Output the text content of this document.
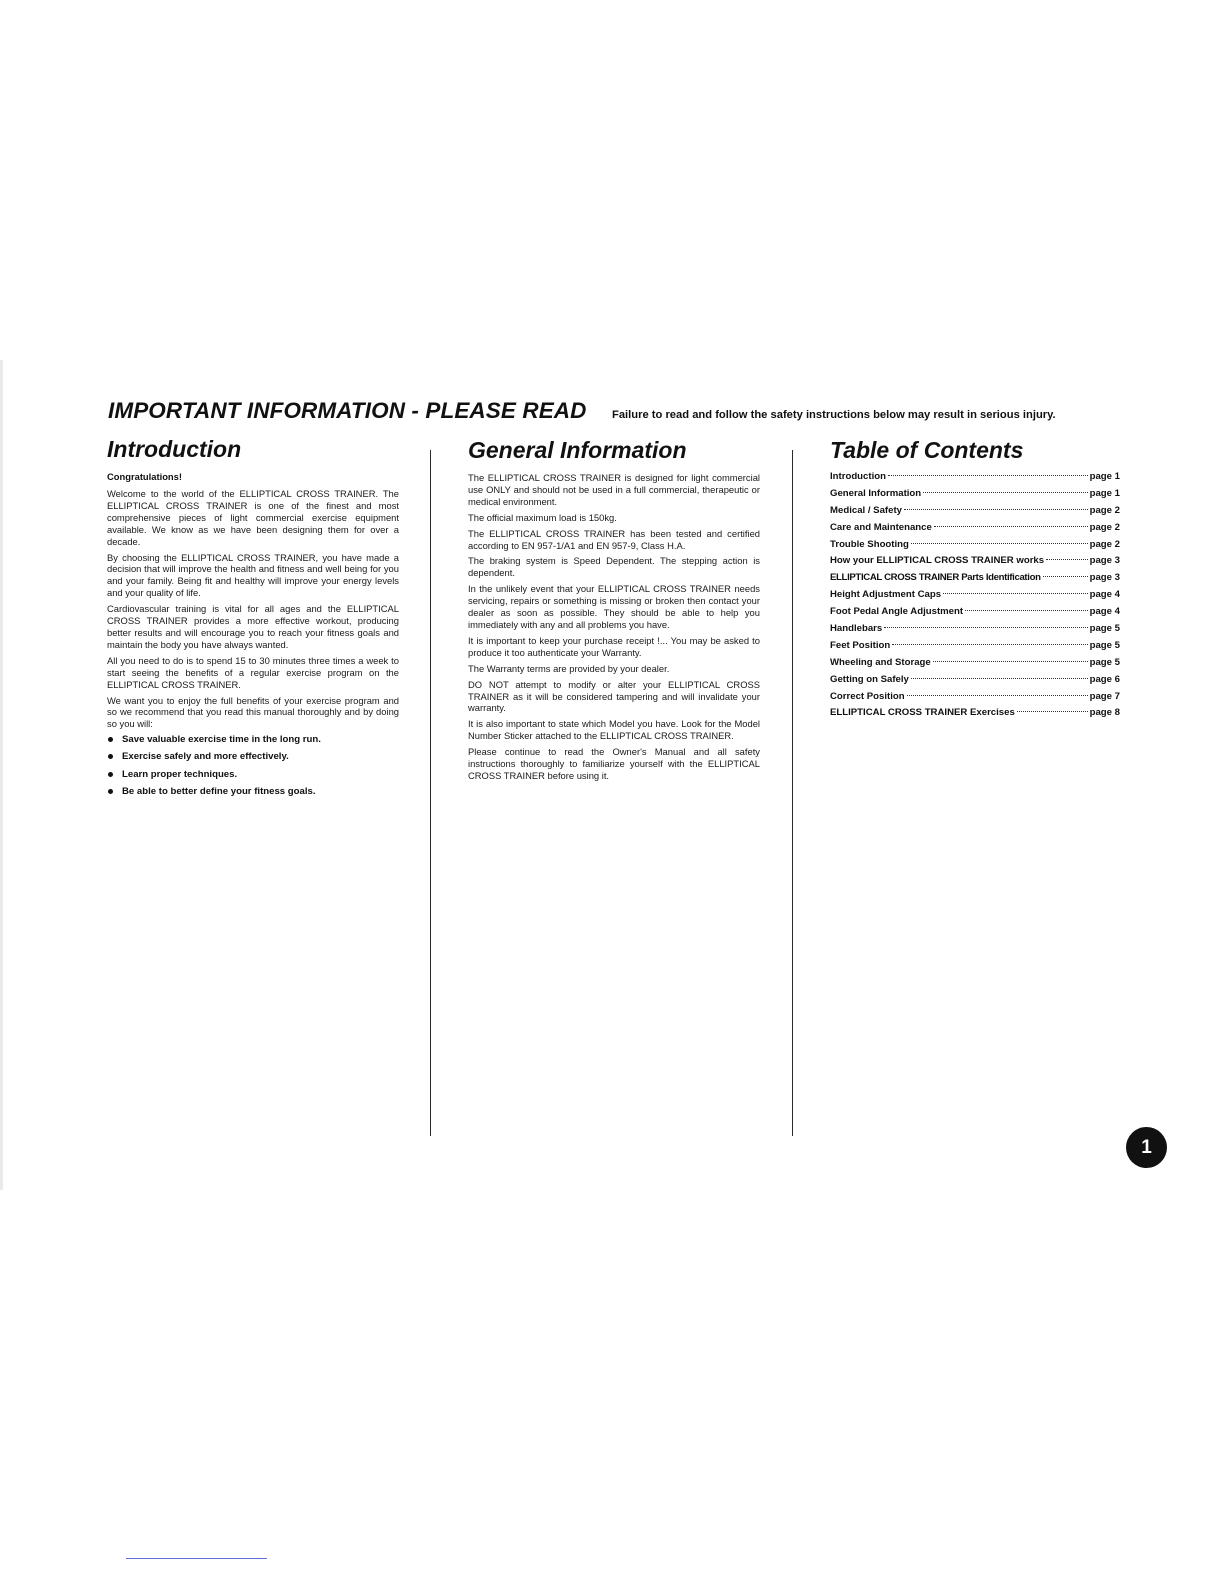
IMPORTANT INFORMATION - PLEASE READ Failure to read and follow the safety instructions below may result in serious injury.
Introduction
Congratulations!

Welcome to the world of the ELLIPTICAL CROSS TRAINER. The ELLIPTICAL CROSS TRAINER is one of the finest and most comprehensive pieces of light commercial exercise equipment available. We know as we have been designing them for over a decade.

By choosing the ELLIPTICAL CROSS TRAINER, you have made a decision that will improve the health and fitness and well being for you and your family. Being fit and healthy will improve your energy levels and your quality of life.

Cardiovascular training is vital for all ages and the ELLIPTICAL CROSS TRAINER provides a more effective workout, producing better results and will encourage you to reach your fitness goals and maintain the body you have always wanted.

All you need to do is to spend 15 to 30 minutes three times a week to start seeing the benefits of a regular exercise program on the ELLIPTICAL CROSS TRAINER.

We want you to enjoy the full benefits of your exercise program and so we recommend that you read this manual thoroughly and by doing so you will:

Save valuable exercise time in the long run.
Exercise safely and more effectively.
Learn proper techniques.
Be able to better define your fitness goals.
General Information

The ELLIPTICAL CROSS TRAINER is designed for light commercial use ONLY and should not be used in a full commercial, therapeutic or medical environment.

The official maximum load is 150kg.

The ELLIPTICAL CROSS TRAINER has been tested and certified according to EN 957-1/A1 and EN 957-9, Class H.A.

The braking system is Speed Dependent. The stepping action is dependent.

In the unlikely event that your ELLIPTICAL CROSS TRAINER needs servicing, repairs or something is missing or broken then contact your dealer as soon as possible. They should be able to help you immediately with any and all problems you have.

It is important to keep your purchase receipt !... You may be asked to produce it too authenticate your Warranty.

The Warranty terms are provided by your dealer.

DO NOT attempt to modify or alter your ELLIPTICAL CROSS TRAINER as it will be considered tampering and will invalidate your warranty.

It is also important to state which Model you have. Look for the Model Number Sticker attached to the ELLIPTICAL CROSS TRAINER.

Please continue to read the Owner's Manual and all safety instructions thoroughly to familiarize yourself with the ELLIPTICAL CROSS TRAINER before using it.

Table of Contents
Introduction	page 1
General Information	page 1
Medical / Safety	page 2
Care and Maintenance	page 2
Trouble Shooting	page 2
How your ELLIPTICAL CROSS TRAINER works	page 3
ELLIPTICAL CROSS TRAINER Parts Identification	page 3
Height Adjustment Caps	page 4
Foot Pedal Angle Adjustment	page 4
Handlebars	page 5
Feet Position	page 5
Wheeling and Storage	page 5
Getting on Safely	page 6
Correct Position	page 7
ELLIPTICAL CROSS TRAINER Exercises	page 8
1
